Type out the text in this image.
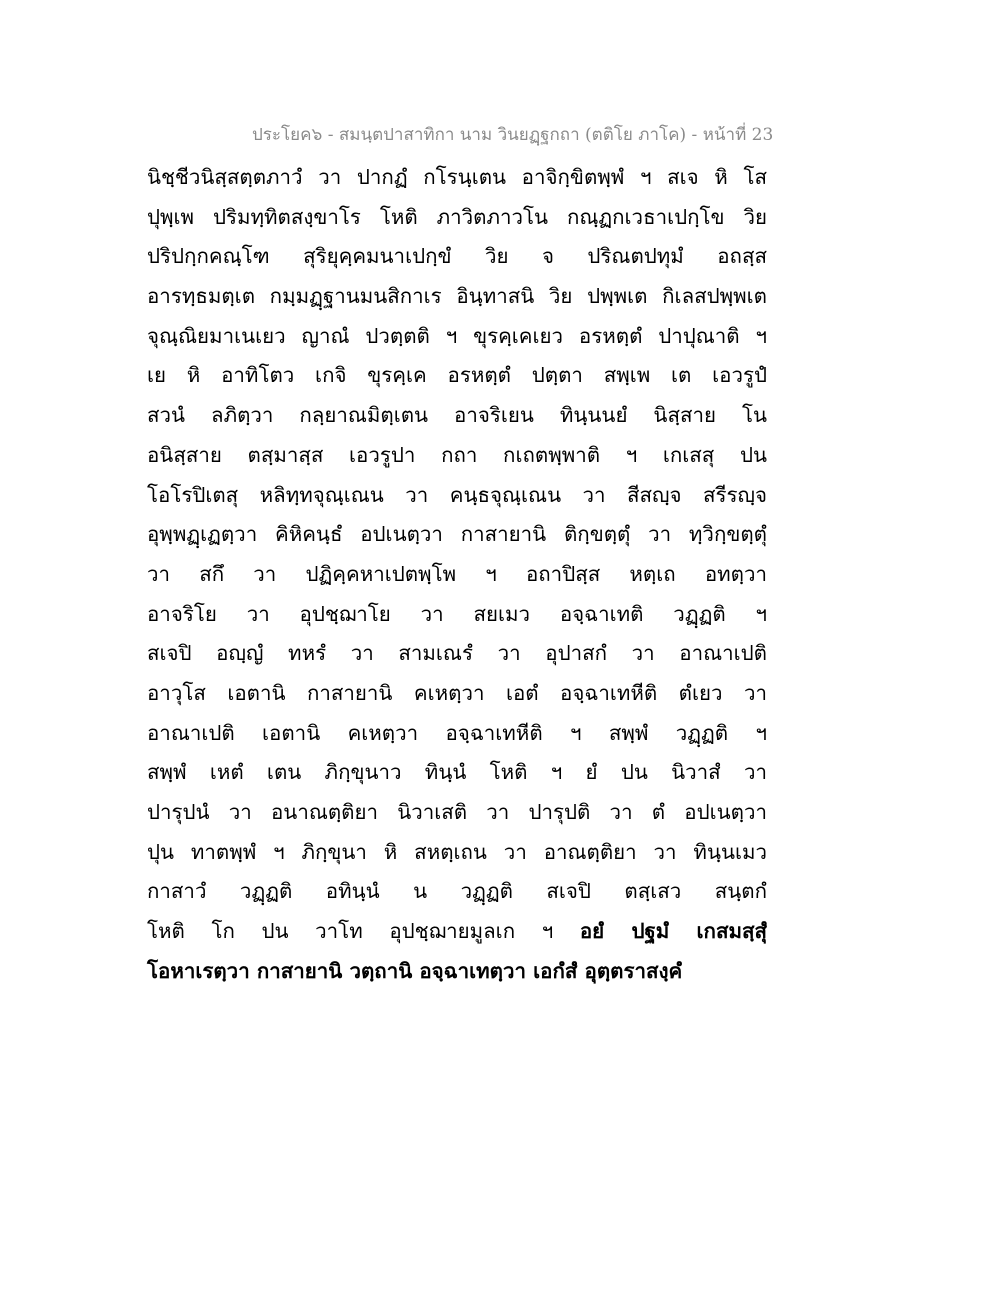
ประโยค๖ - สมนฺตปาสาทิกา นาม วินยฏฺฐกถา (ตติโย ภาโค) - หน้าที่ 23
นิชฺชีวนิสฺสตฺตภาวํ วา ปากฏํ กโรนฺเตน อาจิกฺขิตพฺพํ ฯ สเจ หิ โส
ปุพฺเพ ปริมทฺทิตสงฺขาโร โหติ ภาวิตภาวโน กณฺฏกเวธาเปกฺโข วิย
ปริปกฺกคณฺโฑ สุริยุคฺคมนาเปกฺขํ วิย จ ปริณตปทุมํ อถสฺส
อารทฺธมตฺเต กมฺมฏฺฐานมนสิกาเร อินฺทาสนิ วิย ปพฺพเต กิเลสปพฺพเต
จุณฺณิยมาเนเยว ญาณํ ปวตฺตติ ฯ ขุรคฺเคเยว อรหตฺตํ ปาปุณาติ ฯ
เย หิ อาทิโตว เกจิ ขุรคฺเค อรหตฺตํ ปตฺตา สพฺเพ เต เอวรูปํ
สวนํ ลภิตฺวา กลฺยาณมิตฺเตน อาจริเยน ทินฺนนยํ นิสฺสาย โน
อนิสฺสาย ตสฺมาสฺส เอวรูปา กถา กเถตพฺพาติ ฯ เกเสสุ ปน
โอโรปิเตสุ หลิทฺทจุณฺเณน วา คนฺธจุณฺเณน วา สีสญฺจ สรีรญฺจ
อุพฺพฏฺเฏตฺวา คิหิคนฺธํ อปเนตฺวา กาสายานิ ติกฺขตฺตุํ วา ทฺวิกฺขตฺตุํ
วา สกึ วา ปฏิคฺคหาเปตพฺโพ ฯ อถาปิสฺส หตฺเถ อทตฺวา
อาจริโย วา อุปชฺฌาโย วา สยเมว อจฺฉาเทติ วฏฺฏติ ฯ
สเจปิ อญฺญํ ทหรํ วา สามเณรํ วา อุปาสกํ วา อาณาเปติ
อาวุโส เอตานิ กาสายานิ คเหตฺวา เอตํ อจฺฉาเทหีติ ตํเยว วา
อาณาเปติ เอตานิ คเหตฺวา อจฺฉาเทหีติ ฯ สพฺพํ วฏฺฏติ ฯ
สพฺพํ เหตํ เตน ภิกฺขุนาว ทินฺนํ โหติ ฯ ยํ ปน นิวาสํ วา
ปารุปนํ วา อนาณตฺติยา นิวาเสติ วา ปารุปติ วา ตํ อปเนตฺวา
ปุน ทาตพฺพํ ฯ ภิกฺขุนา หิ สหตฺเถน วา อาณตฺติยา วา ทินฺนเมว
กาสาวํ วฏฺฏติ อทินฺนํ น วฏฺฏติ สเจปิ ตสฺเสว สนฺตกํ
โหติ โก ปน วาโท อุปชฺฌายมูลเก ฯ อยํ ปฐมํ เกสมสฺสุํ
โอหาเรตฺวา กาสายานิ วตฺถานิ อจฺฉาเทตฺวา เอกํสํ อุตฺตราสงฺคํ
